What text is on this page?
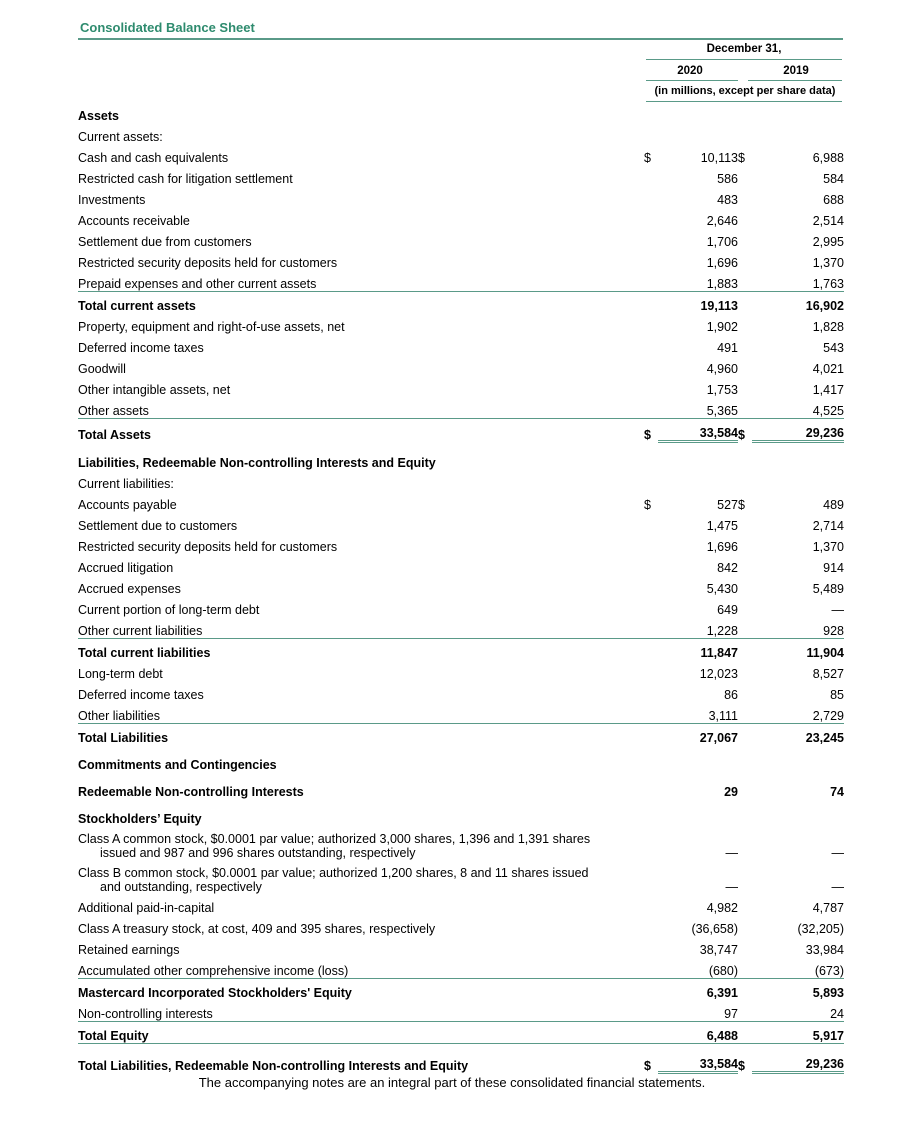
Consolidated Balance Sheet
December 31,
2020	2019
(in millions, except per share data)
Assets				
Current assets:				
Cash and cash equivalents	$	10,113	$	6,988
Restricted cash for litigation settlement		586		584
Investments		483		688
Accounts receivable		2,646		2,514
Settlement due from customers		1,706		2,995
Restricted security deposits held for customers		1,696		1,370
Prepaid expenses and other current assets		1,883		1,763
Total current assets		19,113		16,902
Property, equipment and right-of-use assets, net		1,902		1,828
Deferred income taxes		491		543
Goodwill		4,960		4,021
Other intangible assets, net		1,753		1,417
Other assets		5,365		4,525
Total Assets	$	33,584	$	29,236
Liabilities, Redeemable Non-controlling Interests and Equity				
Current liabilities:				
Accounts payable	$	527	$	489
Settlement due to customers		1,475		2,714
Restricted security deposits held for customers		1,696		1,370
Accrued litigation		842		914
Accrued expenses		5,430		5,489
Current portion of long-term debt		649		—
Other current liabilities		1,228		928
Total current liabilities		11,847		11,904
Long-term debt		12,023		8,527
Deferred income taxes		86		85
Other liabilities		3,111		2,729
Total Liabilities		27,067		23,245
Commitments and Contingencies				
Redeemable Non-controlling Interests		29		74
Stockholders’ Equity				
Class A common stock, $0.0001 par value; authorized 3,000 shares, 1,396 and 1,391 shares
issued and 987 and 996 shares outstanding, respectively		—		—
Class B common stock, $0.0001 par value; authorized 1,200 shares, 8 and 11 shares issued
and outstanding, respectively		—		—
Additional paid-in-capital		4,982		4,787
Class A treasury stock, at cost, 409 and 395 shares, respectively		(36,658)		(32,205)
Retained earnings		38,747		33,984
Accumulated other comprehensive income (loss)		(680)		(673)
Mastercard Incorporated Stockholders' Equity		6,391		5,893
Non-controlling interests		97		24
Total Equity		6,488		5,917
Total Liabilities, Redeemable Non-controlling Interests and Equity	$	33,584	$	29,236
The accompanying notes are an integral part of these consolidated financial statements.
